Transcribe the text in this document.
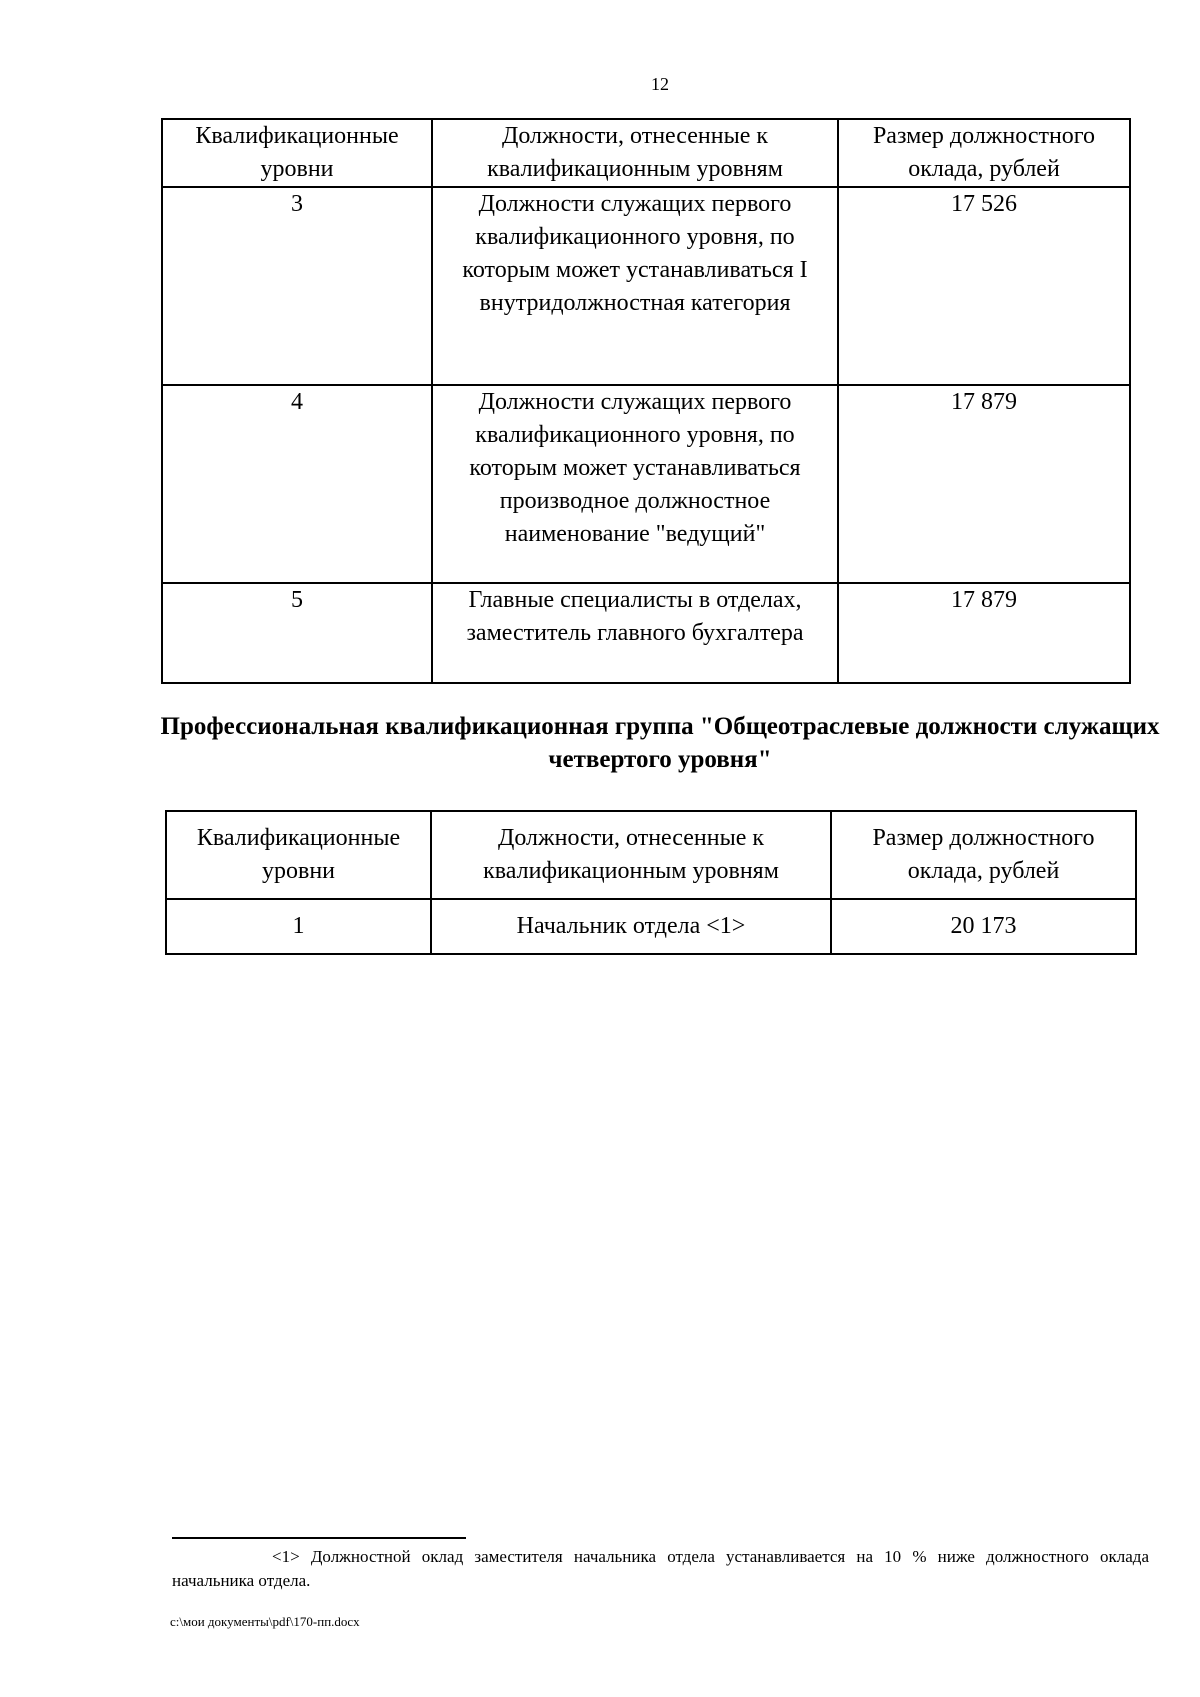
12
Квалификационные уровни	Должности, отнесенные к квалификационным уровням	Размер должностного оклада, рублей
3	Должности служащих первого квалификационного уровня, по которым может устанавливаться I внутридолжностная категория	17 526
4	Должности служащих первого квалификационного уровня, по которым может устанавливаться производное должностное наименование "ведущий"	17 879
5	Главные специалисты в отделах, заместитель главного бухгалтера	17 879
Профессиональная квалификационная группа "Общеотраслевые должности служащих четвертого уровня"
Квалификационные уровни	Должности, отнесенные к квалификационным уровням	Размер должностного оклада, рублей
1	Начальник отдела <1>	20 173
<1> Должностной оклад заместителя начальника отдела устанавливается на 10 % ниже должностного оклада начальника отдела.
c:\мои документы\pdf\170-пп.docx
